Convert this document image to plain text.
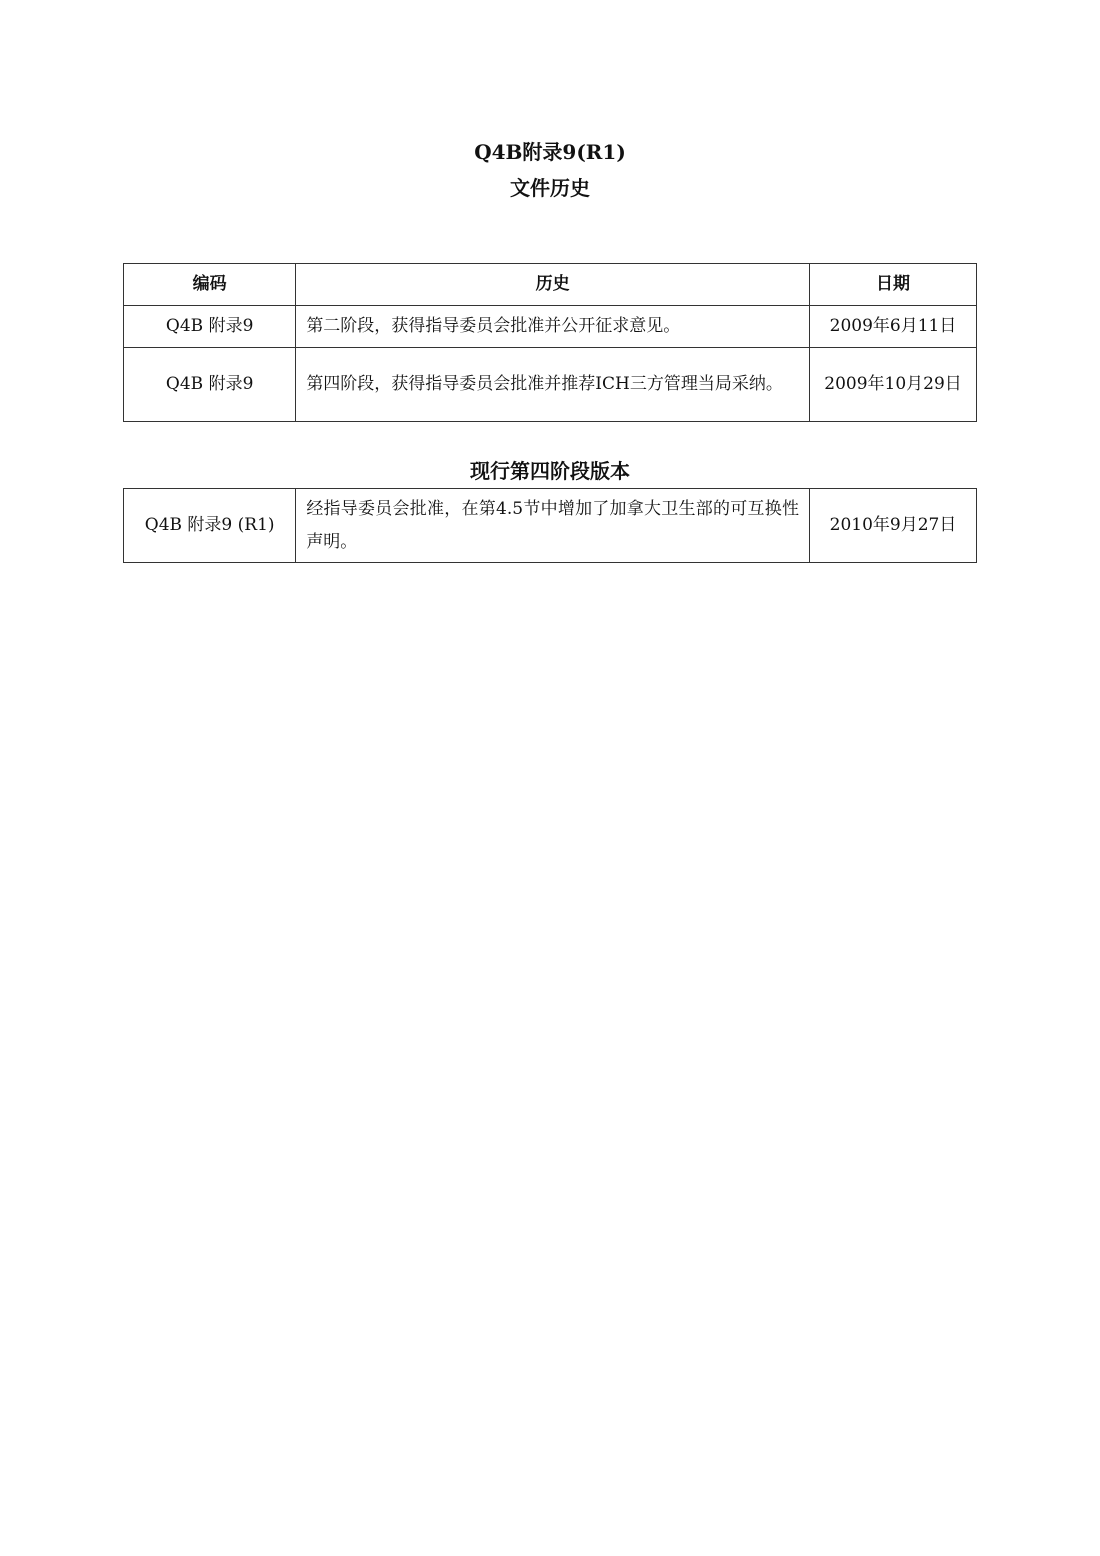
Q4B附录9(R1)
文件历史
编码	历史	日期
Q4B 附录9	第二阶段，获得指导委员会批准并公开征求意见。	2009年6月11日
Q4B 附录9	第四阶段，获得指导委员会批准并推荐ICH三方管理当局采纳。	2009年10月29日
现行第四阶段版本
Q4B 附录9 (R1)	经指导委员会批准，在第4.5节中增加了加拿大卫生部的可互换性声明。	2010年9月27日
